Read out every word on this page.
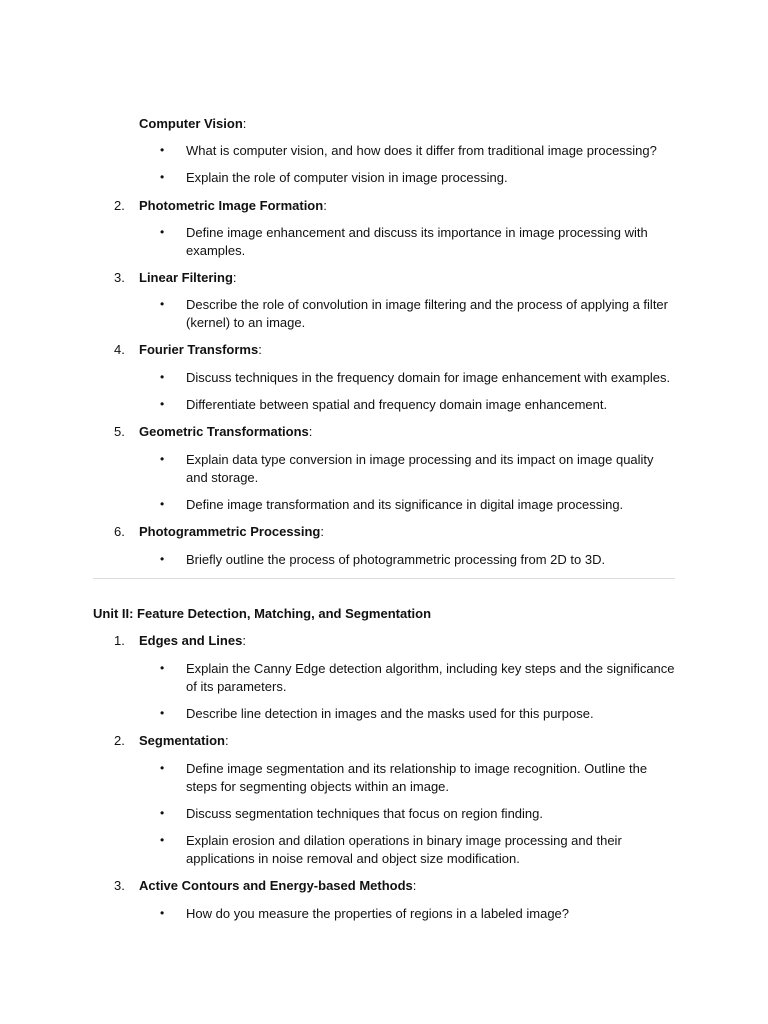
Computer Vision:
• What is computer vision, and how does it differ from traditional image processing?
• Explain the role of computer vision in image processing.
2. Photometric Image Formation:
• Define image enhancement and discuss its importance in image processing with examples.
3. Linear Filtering:
• Describe the role of convolution in image filtering and the process of applying a filter (kernel) to an image.
4. Fourier Transforms:
• Discuss techniques in the frequency domain for image enhancement with examples.
• Differentiate between spatial and frequency domain image enhancement.
5. Geometric Transformations:
• Explain data type conversion in image processing and its impact on image quality and storage.
• Define image transformation and its significance in digital image processing.
6. Photogrammetric Processing:
• Briefly outline the process of photogrammetric processing from 2D to 3D.
Unit II: Feature Detection, Matching, and Segmentation
1. Edges and Lines:
• Explain the Canny Edge detection algorithm, including key steps and the significance of its parameters.
• Describe line detection in images and the masks used for this purpose.
2. Segmentation:
• Define image segmentation and its relationship to image recognition. Outline the steps for segmenting objects within an image.
• Discuss segmentation techniques that focus on region finding.
• Explain erosion and dilation operations in binary image processing and their applications in noise removal and object size modification.
3. Active Contours and Energy-based Methods:
• How do you measure the properties of regions in a labeled image?
